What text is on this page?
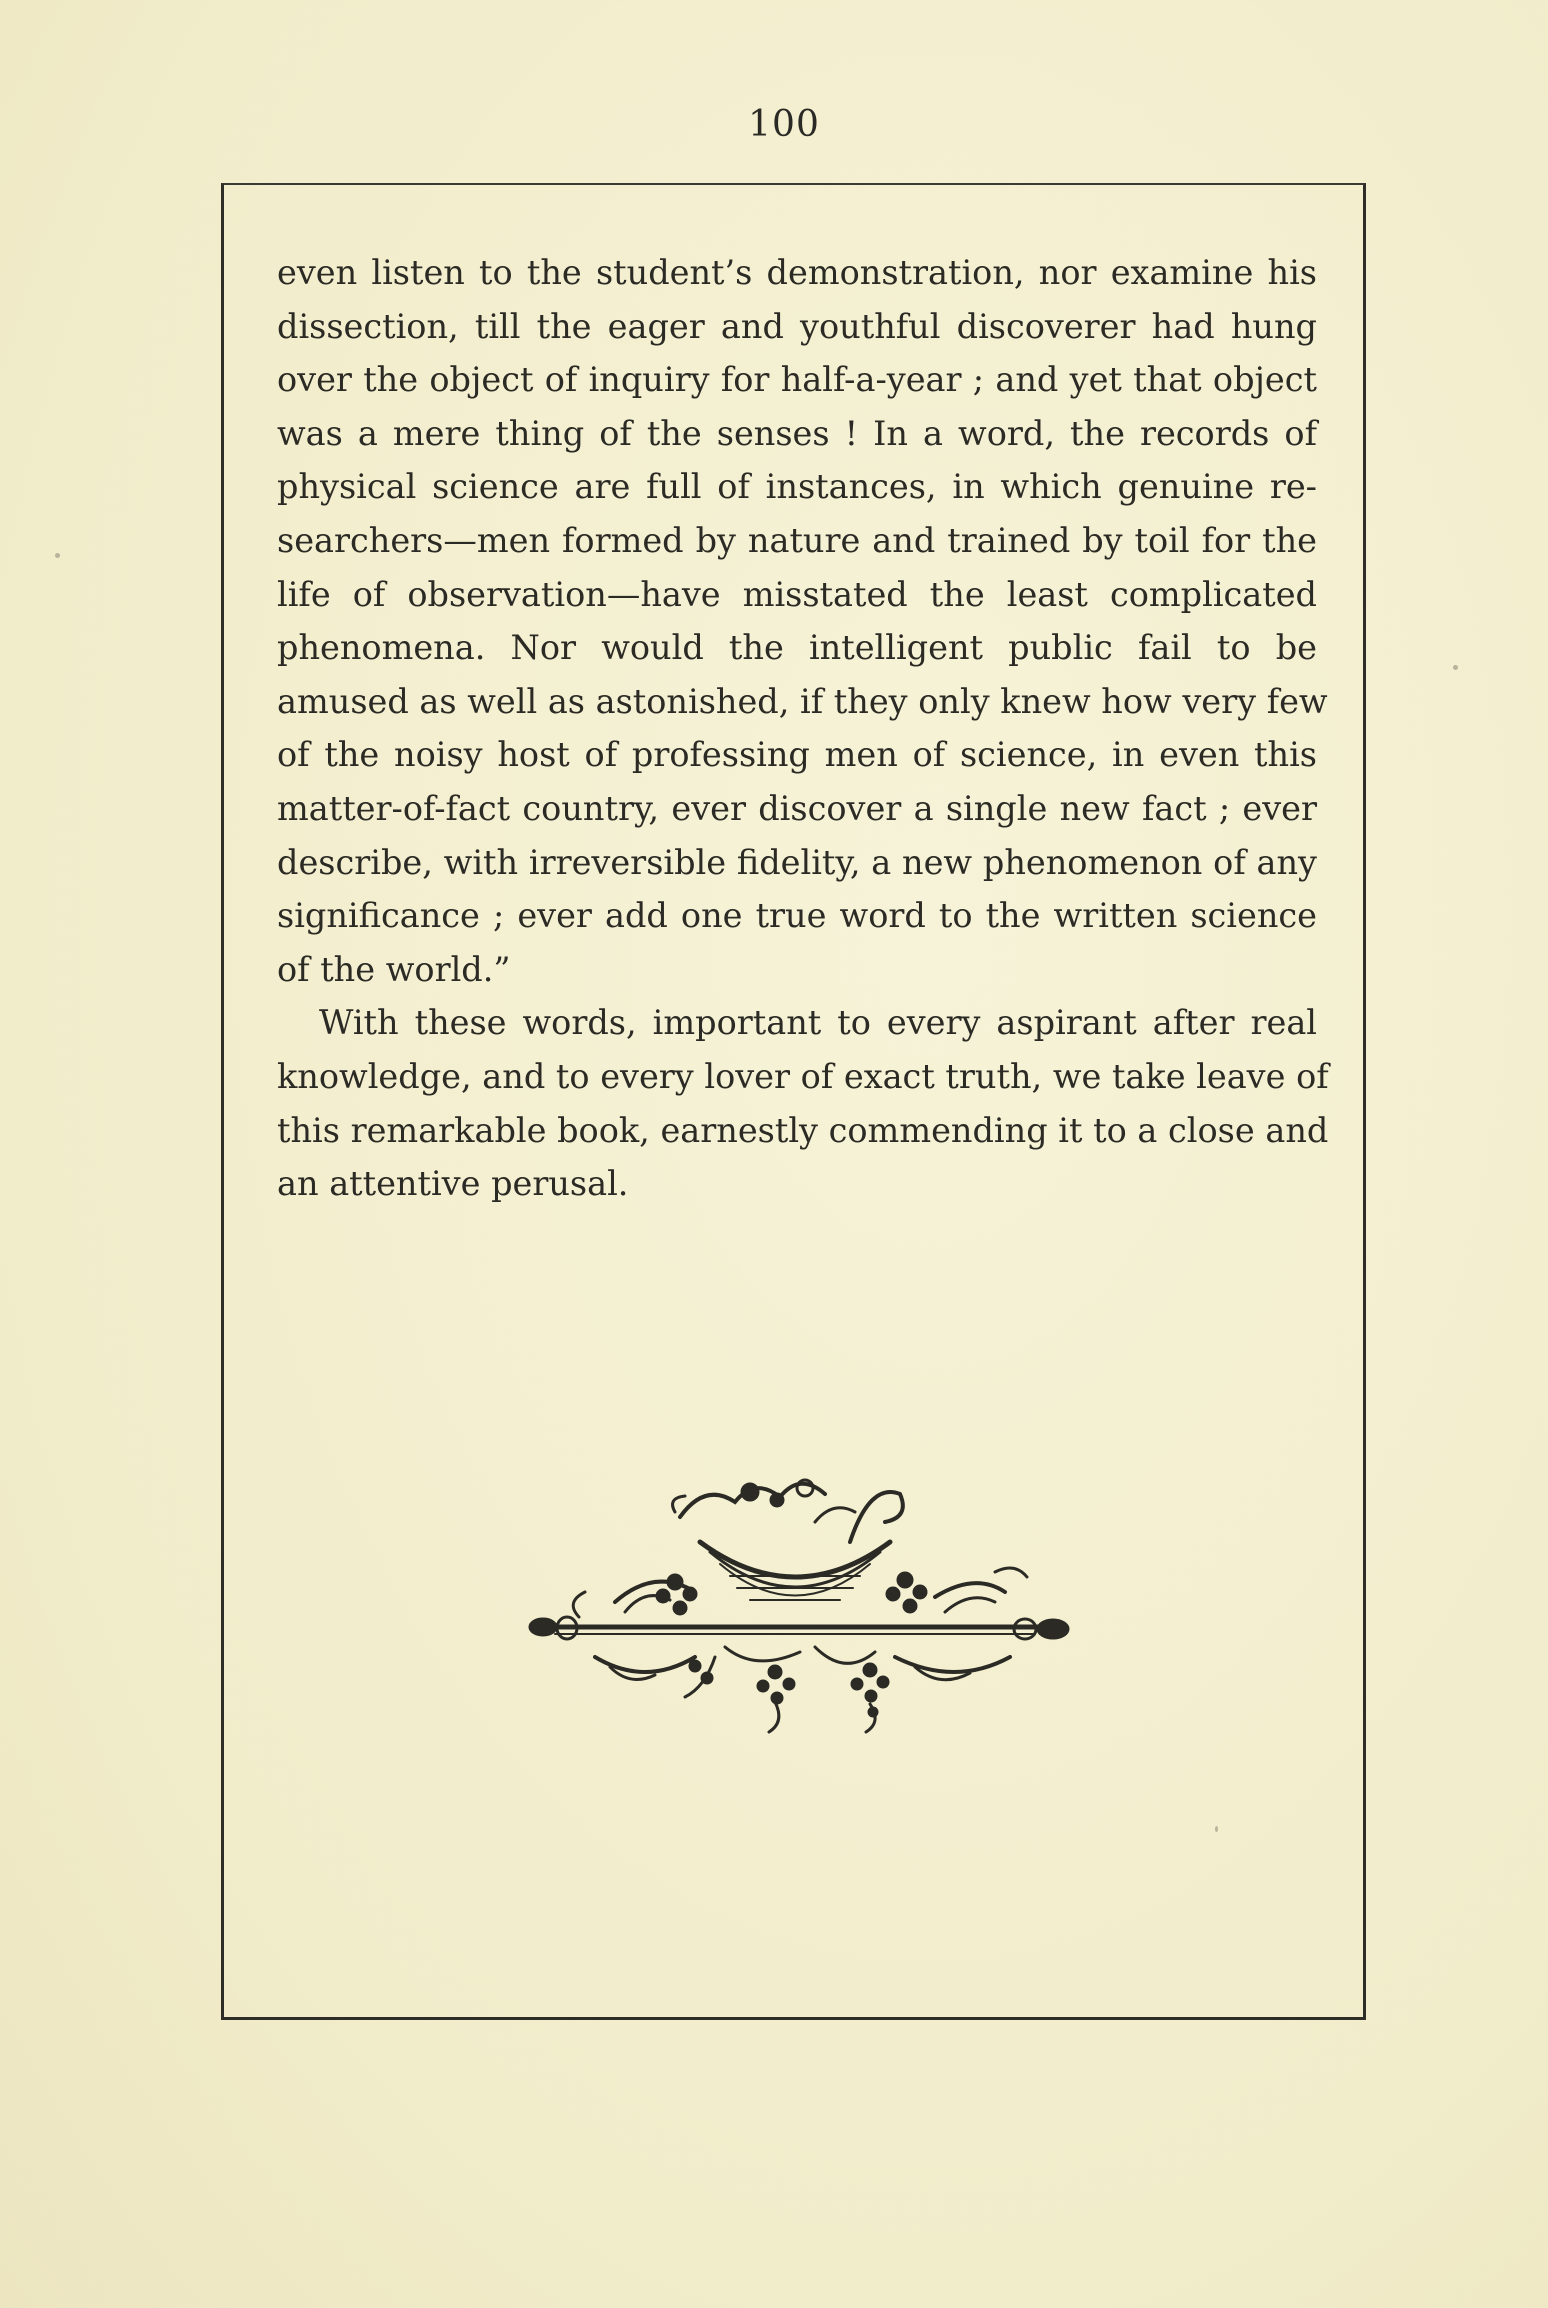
100
even listen to the student’s demonstration, nor examine his
dissection, till the eager and youthful discoverer had hung
over the object of inquiry for half-a-year ; and yet that object
was a mere thing of the senses ! In a word, the records of
physical science are full of instances, in which genuine re-
searchers—men formed by nature and trained by toil for the
life of observation—have misstated the least complicated
phenomena. Nor would the intelligent public fail to be
amused as well as astonished, if they only knew how very few
of the noisy host of professing men of science, in even this
matter-of-fact country, ever discover a single new fact ; ever
describe, with irreversible fidelity, a new phenomenon of any
significance ; ever add one true word to the written science
of the world.”
With these words, important to every aspirant after real
knowledge, and to every lover of exact truth, we take leave of
this remarkable book, earnestly commending it to a close and
an attentive perusal.
